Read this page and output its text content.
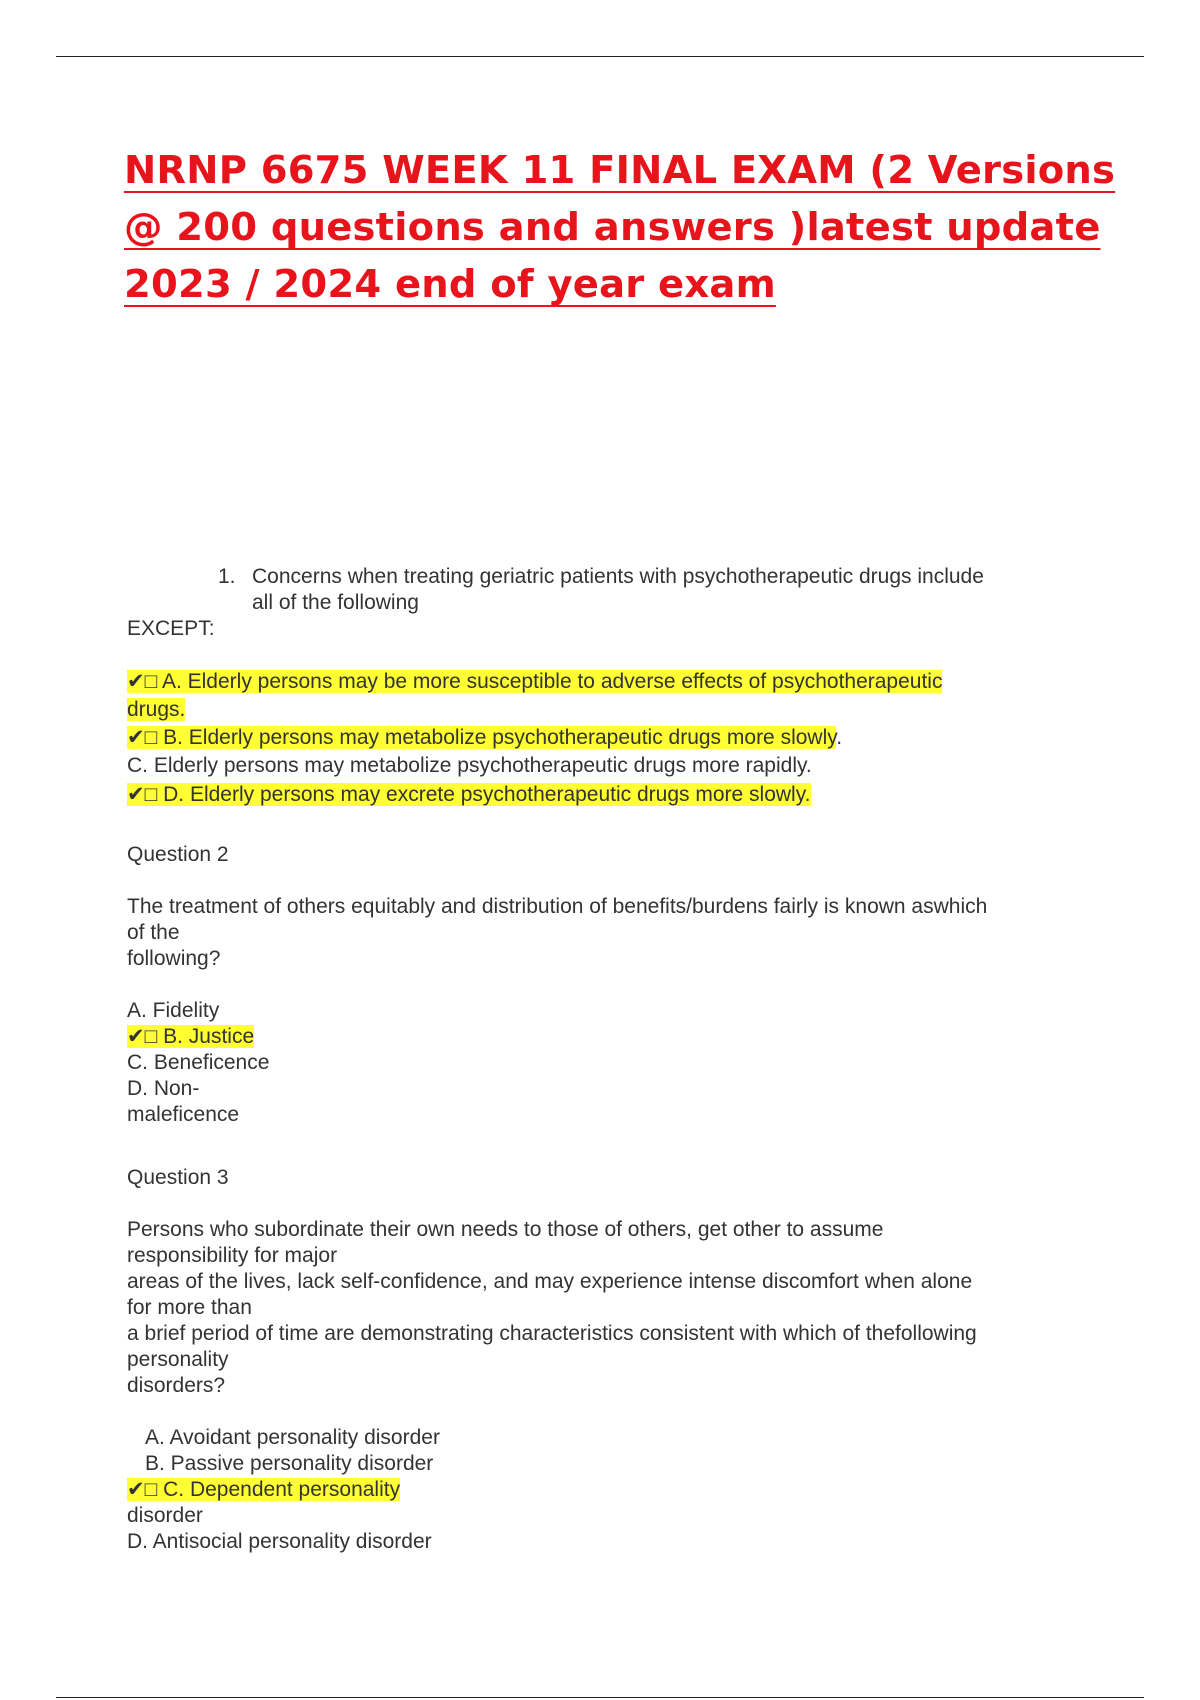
NRNP 6675 WEEK 11 FINAL EXAM (2 Versions
@ 200 questions and answers )latest update
2023 / 2024 end of year exam
1. Concerns when treating geriatric patients with psychotherapeutic drugs include
all of the following
EXCEPT:
✔□ A. Elderly persons may be more susceptible to adverse effects of psychotherapeutic
drugs.
✔□ B. Elderly persons may metabolize psychotherapeutic drugs more slowly.
C. Elderly persons may metabolize psychotherapeutic drugs more rapidly.
✔□ D. Elderly persons may excrete psychotherapeutic drugs more slowly.
Question 2
The treatment of others equitably and distribution of benefits/burdens fairly is known aswhich
of the
following?
A. Fidelity
✔□ B. Justice
C. Beneficence
D. Non-
maleficence
Question 3
Persons who subordinate their own needs to those of others, get other to assume
responsibility for major
areas of the lives, lack self-confidence, and may experience intense discomfort when alone
for more than
a brief period of time are demonstrating characteristics consistent with which of thefollowing
personality
disorders?
A. Avoidant personality disorder
B. Passive personality disorder
✔□ C. Dependent personality
disorder
D. Antisocial personality disorder
